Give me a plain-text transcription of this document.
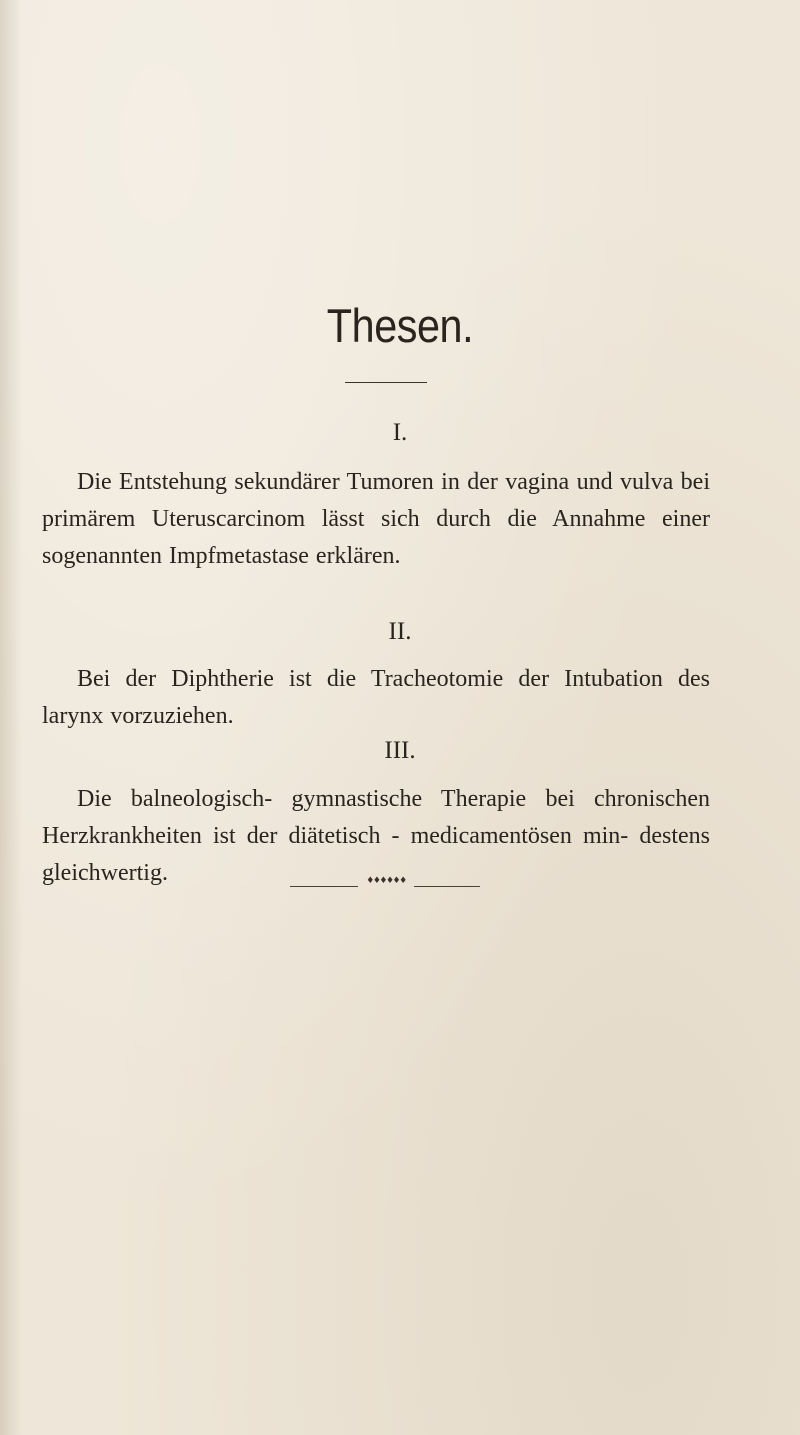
Thesen.
I.
Die Entstehung sekundärer Tumoren in der vagina und vulva bei primärem Uteruscarcinom lässt sich durch die Annahme einer sogenannten Impfmetastase erklären.
II.
Bei der Diphtherie ist die Tracheotomie der Intubation des larynx vorzuziehen.
III.
Die balneologisch- gymnastische Therapie bei chronischen Herzkrankheiten ist der diätetisch - medicamentösen min- destens gleichwertig.	♦♦♦♦♦♦
